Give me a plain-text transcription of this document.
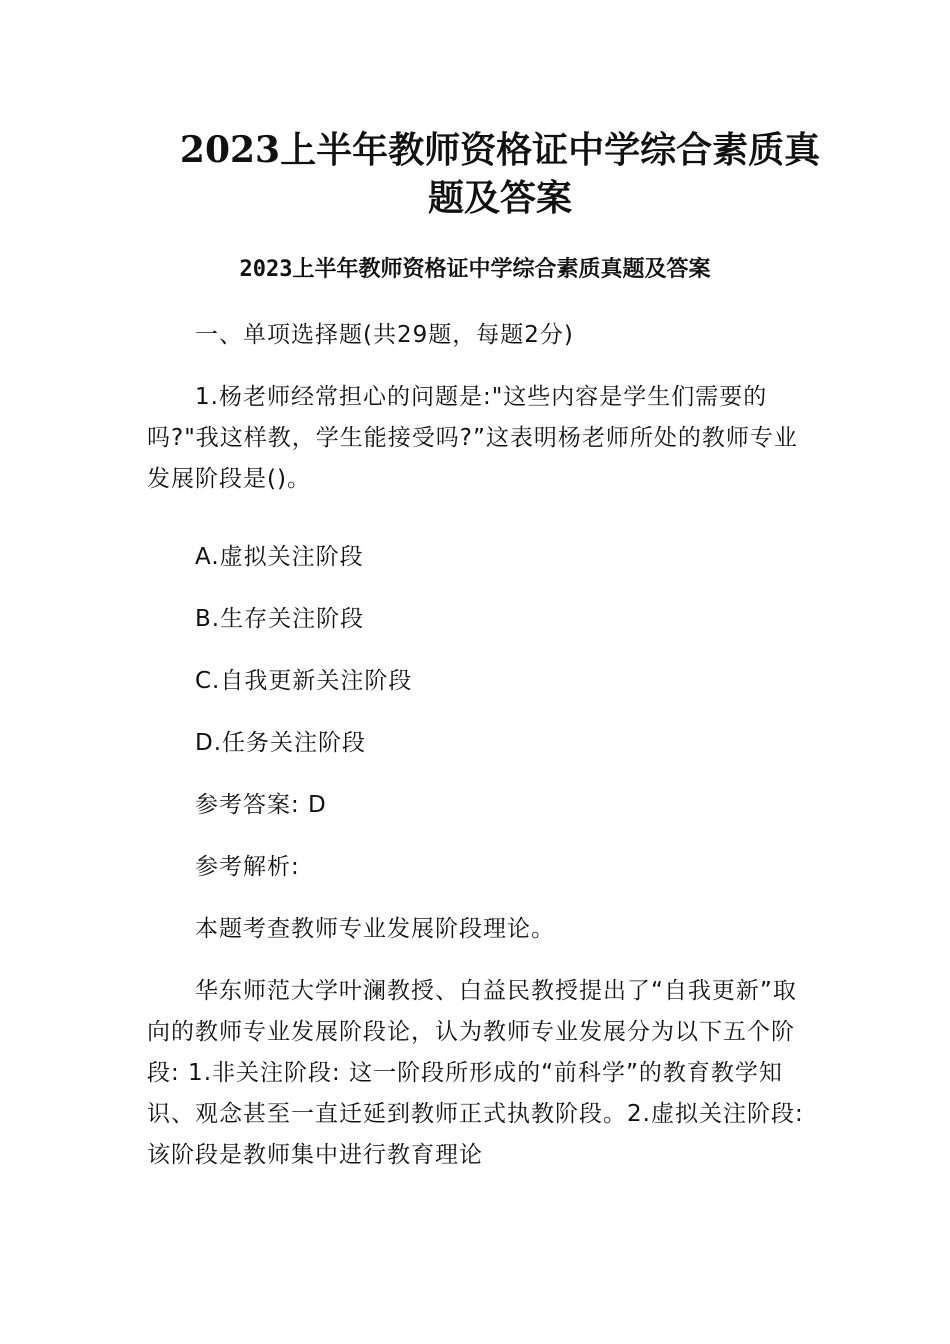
2023上半年教师资格证中学综合素质真
题及答案

2023上半年教师资格证中学综合素质真题及答案

一、单项选择题(共29题，每题2分)

1.杨老师经常担心的问题是:"这些内容是学生们需要的吗?"我这样教，学生能接受吗?”这表明杨老师所处的教师专业发展阶段是()。

A.虚拟关注阶段

B.生存关注阶段

C.自我更新关注阶段

D.任务关注阶段

参考答案: D

参考解析:

本题考查教师专业发展阶段理论。

华东师范大学叶澜教授、白益民教授提出了“自我更新”取向的教师专业发展阶段论，认为教师专业发展分为以下五个阶段: 1.非关注阶段: 这一阶段所形成的“前科学”的教育教学知识、观念甚至一直迁延到教师正式执教阶段。2.虚拟关注阶段: 该阶段是教师集中进行教育理论
